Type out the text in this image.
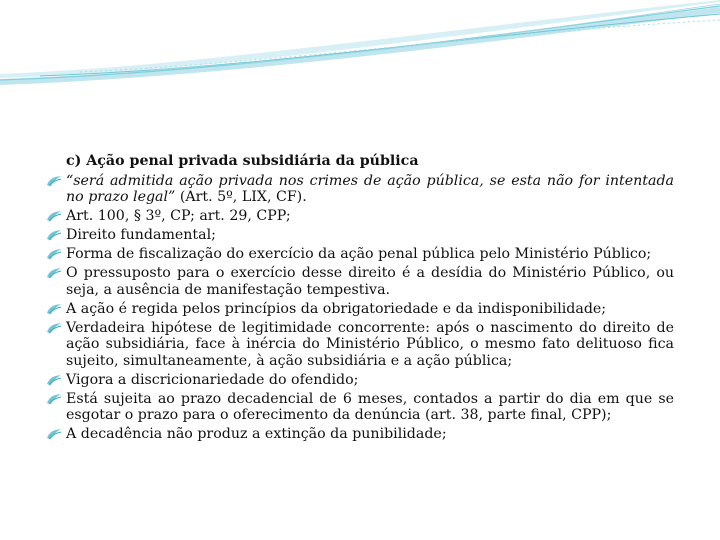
c) Ação penal privada subsidiária da pública
“será admitida ação privada nos crimes de ação pública, se esta não for intentada no prazo legal” (Art. 5º, LIX, CF).
Art. 100, § 3º, CP; art. 29, CPP;
Direito fundamental;
Forma de fiscalização do exercício da ação penal pública pelo Ministério Público;
O pressuposto para o exercício desse direito é a desídia do Ministério Público, ou seja, a ausência de manifestação tempestiva.
A ação é regida pelos princípios da obrigatoriedade e da indisponibilidade;
Verdadeira hipótese de legitimidade concorrente: após o nascimento do direito de ação subsidiária, face à inércia do Ministério Público, o mesmo fato delituoso fica sujeito, simultaneamente, à ação subsidiária e a ação pública;
Vigora a discricionariedade do ofendido;
Está sujeita ao prazo decadencial de 6 meses, contados a partir do dia em que se esgotar o prazo para o oferecimento da denúncia (art. 38, parte final, CPP);
A decadência não produz a extinção da punibilidade;
